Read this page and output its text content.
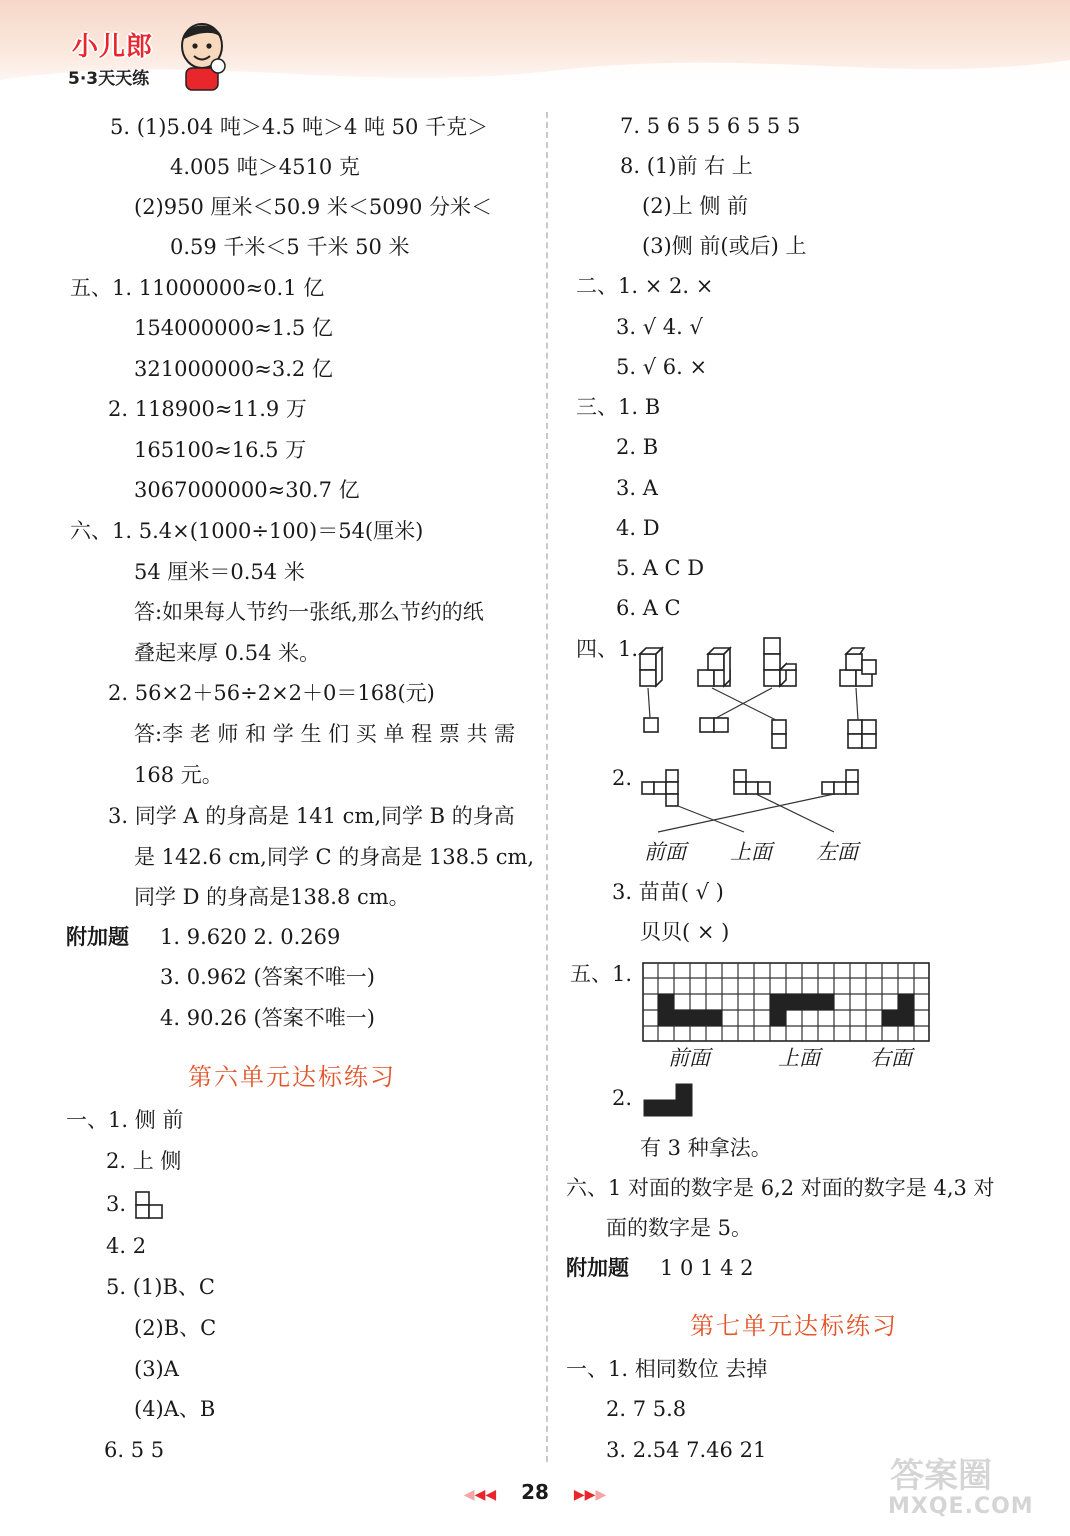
小儿郎
5·3天天练
5. (1)5.04 吨＞4.5 吨＞4 吨 50 千克＞
4.005 吨＞4510 克
(2)950 厘米＜50.9 米＜5090 分米＜
0.59 千米＜5 千米 50 米
五、1. 11000000≈0.1 亿
154000000≈1.5 亿
321000000≈3.2 亿
2. 118900≈11.9 万
165100≈16.5 万
3067000000≈30.7 亿
六、1. 5.4×(1000÷100)＝54(厘米)
54 厘米＝0.54 米
答:如果每人节约一张纸,那么节约的纸
叠起来厚 0.54 米。
2. 56×2＋56÷2×2＋0＝168(元)
答:李 老 师 和 学 生 们 买 单 程 票 共 需
168 元。
3. 同学 A 的身高是 141 cm,同学 B 的身高
是 142.6 cm,同学 C 的身高是 138.5 cm,
同学 D 的身高是138.8 cm。
附加题 1. 9.620 2. 0.269
3. 0.962 (答案不唯一)
4. 90.26 (答案不唯一)
第六单元达标练习
一、1. 侧 前
2. 上 侧
3.
4. 2
5. (1)B、C
(2)B、C
(3)A
(4)A、B
6. 5 5
7. 5 6 5 5 6 5 5 5
8. (1)前 右 上
(2)上 侧 前
(3)侧 前(或后) 上
二、1. × 2. ×
3. √ 4. √
5. √ 6. ×
三、1. B
2. B
3. A
4. D
5. A C D
6. A C
四、1.
2.
前面 上面 左面
3. 苗苗( √ )
贝贝( × )
五、1.
前面	上面 右面
2.
有 3 种拿法。
六、1 对面的数字是 6,2 对面的数字是 4,3 对
面的数字是 5。
附加题 1 0 1 4 2
第七单元达标练习
一、1. 相同数位 去掉
2. 7 5.8
3. 2.54 7.46 21
◀◀◀ 28 ▶▶▶	答案圈
MXQE.COM
